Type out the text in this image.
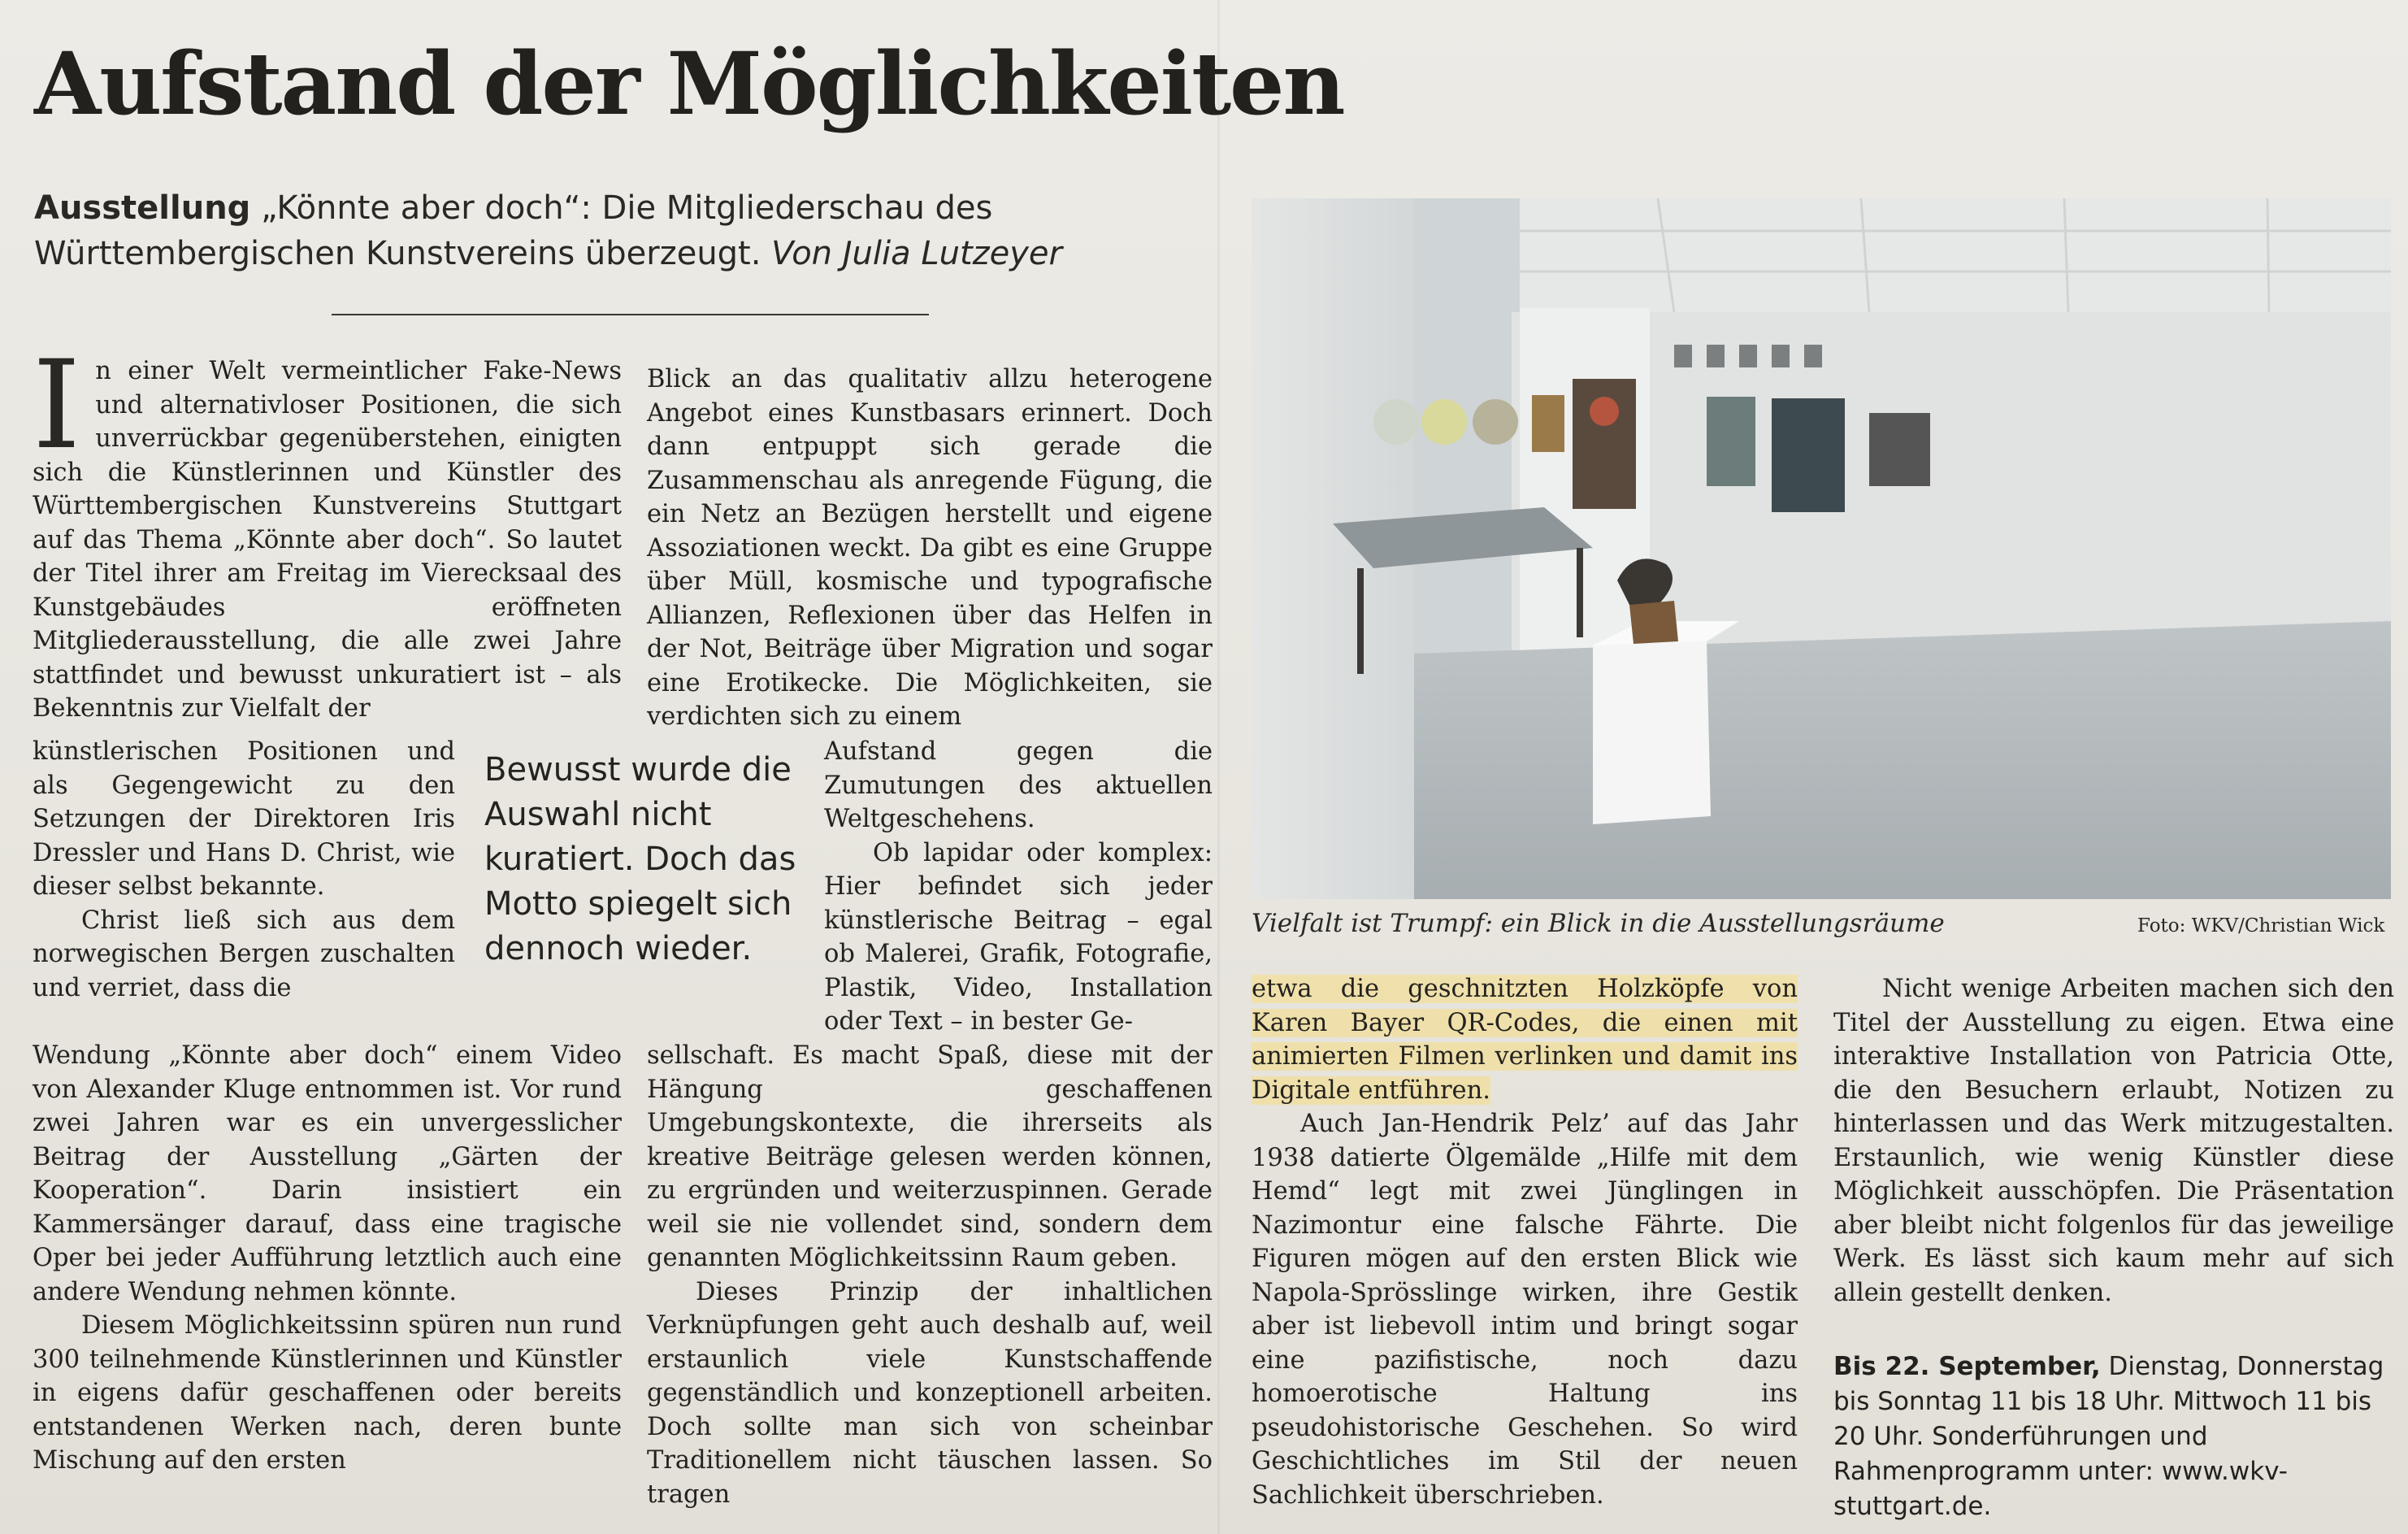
Aufstand der Möglichkeiten

Ausstellung „Könnte aber doch“: Die Mitgliederschau des Württembergischen Kunstvereins überzeugt. Von Julia Lutzeyer

I n einer Welt vermeintlicher Fake-News und alternativloser Positionen, die sich unverrückbar gegenüberstehen, einigten sich die Künstlerinnen und Künstler des Württembergischen Kunstvereins Stuttgart auf das Thema „Könnte aber doch“. So lautet der Titel ihrer am Freitag im Vierecksaal des Kunstgebäudes eröffneten Mitgliederausstellung, die alle zwei Jahre stattfindet und bewusst unkuratiert ist – als Bekenntnis zur Vielfalt der

künstlerischen Positionen und als Gegengewicht zu den Setzungen der Direktoren Iris Dressler und Hans D. Christ, wie dieser selbst bekannte.

Christ ließ sich aus dem norwegischen Bergen zuschalten und verriet, dass die

Wendung „Könnte aber doch“ einem Video von Alexander Kluge entnommen ist. Vor rund zwei Jahren war es ein unvergesslicher Beitrag der Ausstellung „Gärten der Kooperation“. Darin insistiert ein Kammersänger darauf, dass eine tragische Oper bei jeder Aufführung letztlich auch eine andere Wendung nehmen könnte.

Diesem Möglichkeitssinn spüren nun rund 300 teilnehmende Künstlerinnen und Künstler in eigens dafür geschaffenen oder bereits entstandenen Werken nach, deren bunte Mischung auf den ersten

Bewusst wurde die Auswahl nicht kuratiert. Doch das Motto spiegelt sich dennoch wieder.

Blick an das qualitativ allzu heterogene Angebot eines Kunstbasars erinnert. Doch dann entpuppt sich gerade die Zusammenschau als anregende Fügung, die ein Netz an Bezügen herstellt und eigene Assoziationen weckt. Da gibt es eine Gruppe über Müll, kosmische und typografische Allianzen, Reflexionen über das Helfen in der Not, Beiträge über Migration und sogar eine Erotikecke. Die Möglichkeiten, sie verdichten sich zu einem

Aufstand gegen die Zumutungen des aktuellen Weltgeschehens.

Ob lapidar oder komplex: Hier befindet sich jeder künstlerische Beitrag – egal ob Malerei, Grafik, Fotografie, Plastik, Video, Installation oder Text – in bester Ge-

sellschaft. Es macht Spaß, diese mit der Hängung geschaffenen Umgebungskontexte, die ihrerseits als kreative Beiträge gelesen werden können, zu ergründen und weiterzuspinnen. Gerade weil sie nie vollendet sind, sondern dem genannten Möglichkeitssinn Raum geben.

Dieses Prinzip der inhaltlichen Verknüpfungen geht auch deshalb auf, weil erstaunlich viele Kunstschaffende gegenständlich und konzeptionell arbeiten. Doch sollte man sich von scheinbar Traditionellem nicht täuschen lassen. So tragen

Vielfalt ist Trumpf: ein Blick in die Ausstellungsräume	Foto: WKV/Christian Wick

etwa die geschnitzten Holzköpfe von Karen Bayer QR-Codes, die einen mit animierten Filmen verlinken und damit ins Digitale entführen.

Auch Jan-Hendrik Pelz’ auf das Jahr 1938 datierte Ölgemälde „Hilfe mit dem Hemd“ legt mit zwei Jünglingen in Nazimontur eine falsche Fährte. Die Figuren mögen auf den ersten Blick wie Napola-Sprösslinge wirken, ihre Gestik aber ist liebevoll intim und bringt sogar eine pazifistische, noch dazu homoerotische Haltung ins pseudohistorische Geschehen. So wird Geschichtliches im Stil der neuen Sachlichkeit überschrieben.

Nicht wenige Arbeiten machen sich den Titel der Ausstellung zu eigen. Etwa eine interaktive Installation von Patricia Otte, die den Besuchern erlaubt, Notizen zu hinterlassen und das Werk mitzugestalten. Erstaunlich, wie wenig Künstler diese Möglichkeit ausschöpfen. Die Präsentation aber bleibt nicht folgenlos für das jeweilige Werk. Es lässt sich kaum mehr auf sich allein gestellt denken.

Bis 22. September, Dienstag, Donnerstag bis Sonntag 11 bis 18 Uhr. Mittwoch 11 bis 20 Uhr. Sonderführungen und Rahmenprogramm unter: www.wkv-stuttgart.de.
